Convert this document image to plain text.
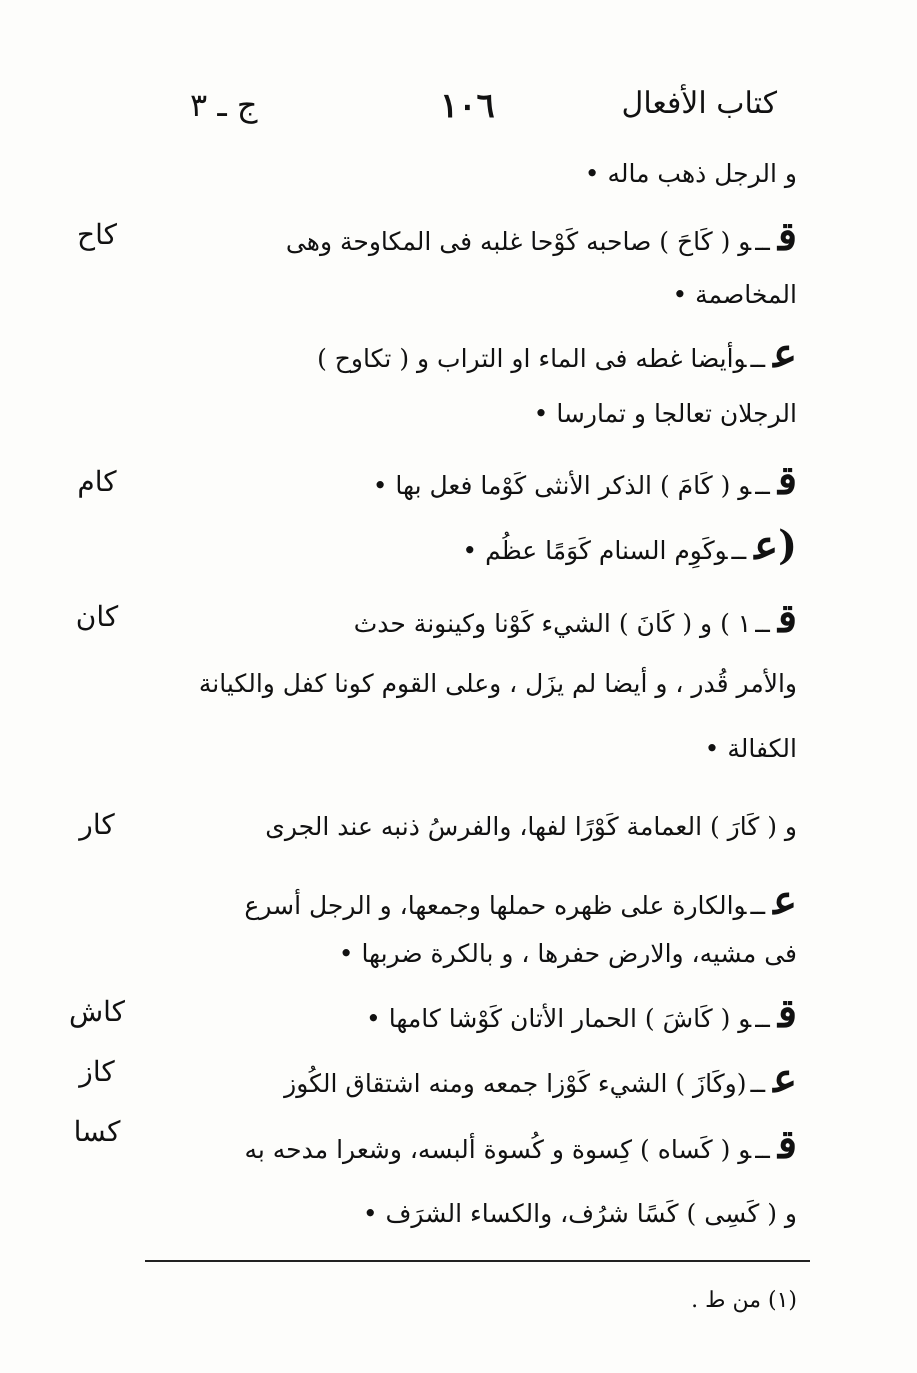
كتاب الأفعال
١٠٦
ج ـ ٣
و الرجل ذهب ماله •
قــو ( كَاحَ ) صاحبه كَوْحا غلبه فى المكاوحة وهى
المخاصمة •
عــوأيضا غطه فى الماء او التراب و ( تكاوح )
الرجلان تعالجا و تمارسا •
قــو ( كَامَ ) الذكر الأنثى كَوْما فعل بها •
(عــوكَوِم السنام كَوَمًا عظُم •
قــ١ ) و ( كَانَ ) الشيء كَوْنا وكينونة حدث
والأمر قُدر ، و أيضا لم يزَل ، وعلى القوم كونا كفل والكيانة
الكفالة •
و ( كَارَ ) العمامة كَوْرًا لفها، والفرسُ ذنبه عند الجرى
عــوالكارة على ظهره حملها وجمعها، و الرجل أسرع
فى مشيه، والارض حفرها ، و بالكرة ضربها •
قــو ( كَاشَ ) الحمار الأتان كَوْشا كامها •
عــ(وكَازَ ) الشيء كَوْزا جمعه ومنه اشتقاق الكُوز
قــو ( كَساه ) كِسوة و كُسوة ألبسه، وشعرا مدحه به
و ( كَسِى ) كَسًا شرُف، والكساء الشرَف •
كاح
كام
كان
كار
كاش
كاز
كسا
(١) من ط .
